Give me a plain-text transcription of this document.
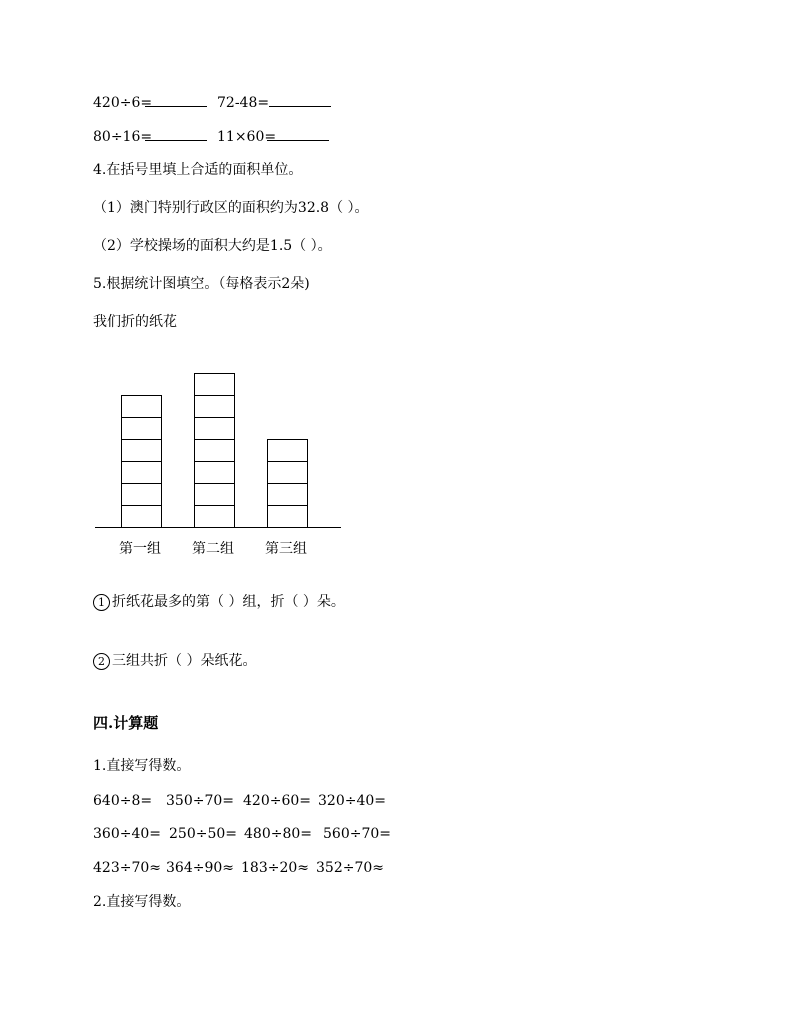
420÷6=	72-48=
80÷16=	11×60=
4.在括号里填上合适的面积单位。
（1）澳门特别行政区的面积约为32.8（ ）。
（2）学校操场的面积大约是1.5（ ）。
5.根据统计图填空。（每格表示2朵)
我们折的纸花
第一组 第二组 第三组
1 折纸花最多的第（ ）组，折（ ）朵。
2 三组共折（ ）朵纸花。
四.计算题
1.直接写得数。
640÷8= 350÷70= 420÷60= 320÷40=
360÷40= 250÷50= 480÷80= 560÷70=
423÷70≈ 364÷90≈ 183÷20≈ 352÷70≈
2.直接写得数。
